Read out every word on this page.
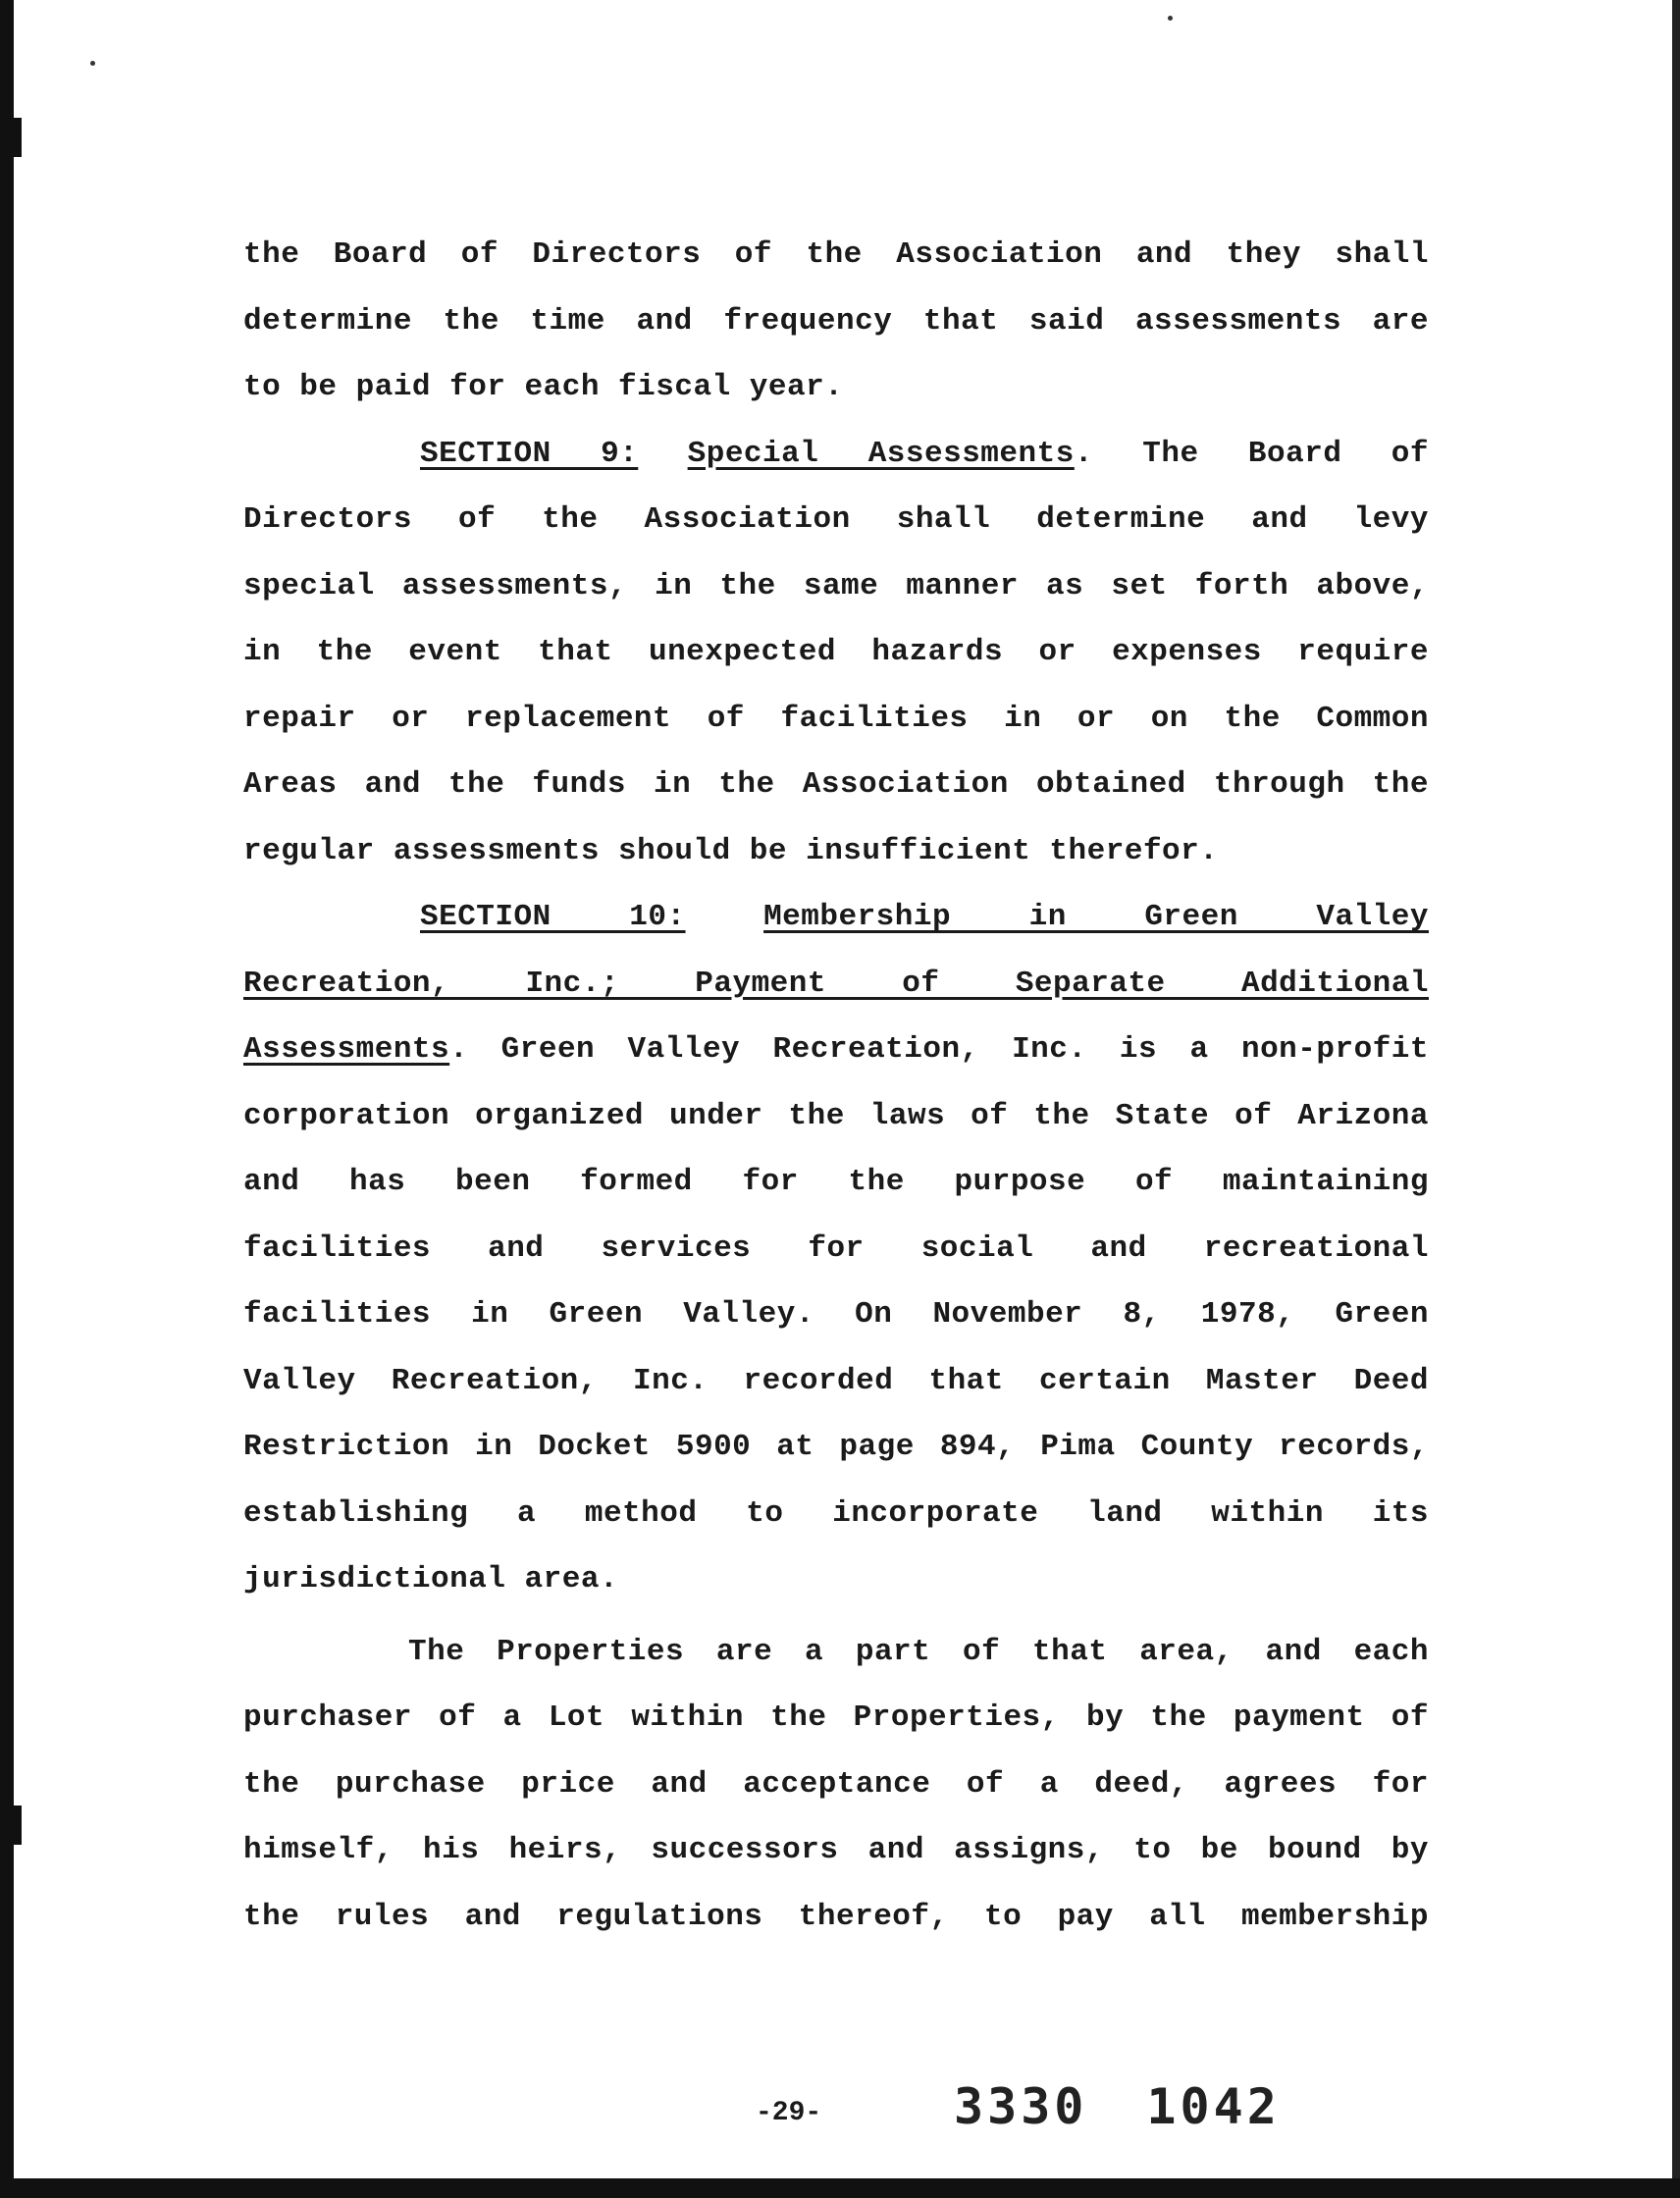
the Board of Directors of the Association and they shall
determine the time and frequency that said assessments are
to be paid for each fiscal year.
SECTION 9: Special Assessments. The Board of
Directors of the Association shall determine and levy
special assessments, in the same manner as set forth above,
in the event that unexpected hazards or expenses require
repair or replacement of facilities in or on the Common
Areas and the funds in the Association obtained through the
regular assessments should be insufficient therefor.
SECTION 10:	Membership in Green Valley
Recreation, Inc.; Payment of Separate Additional
Assessments. Green Valley Recreation, Inc. is a non-profit
corporation organized under the laws of the State of Arizona
and has been formed for the purpose of maintaining
facilities and services for social and recreational
facilities in Green Valley. On November 8, 1978, Green
Valley Recreation, Inc. recorded that certain Master Deed
Restriction in Docket 5900 at page 894, Pima County records,
establishing a method to incorporate land within its
jurisdictional area.
The Properties are a part of that area, and each
purchaser of a Lot within the Properties, by the payment of
the purchase price and acceptance of a deed, agrees for
himself, his heirs, successors and assigns, to be bound by
the rules and regulations thereof, to pay all membership
-29-	3330 1042
